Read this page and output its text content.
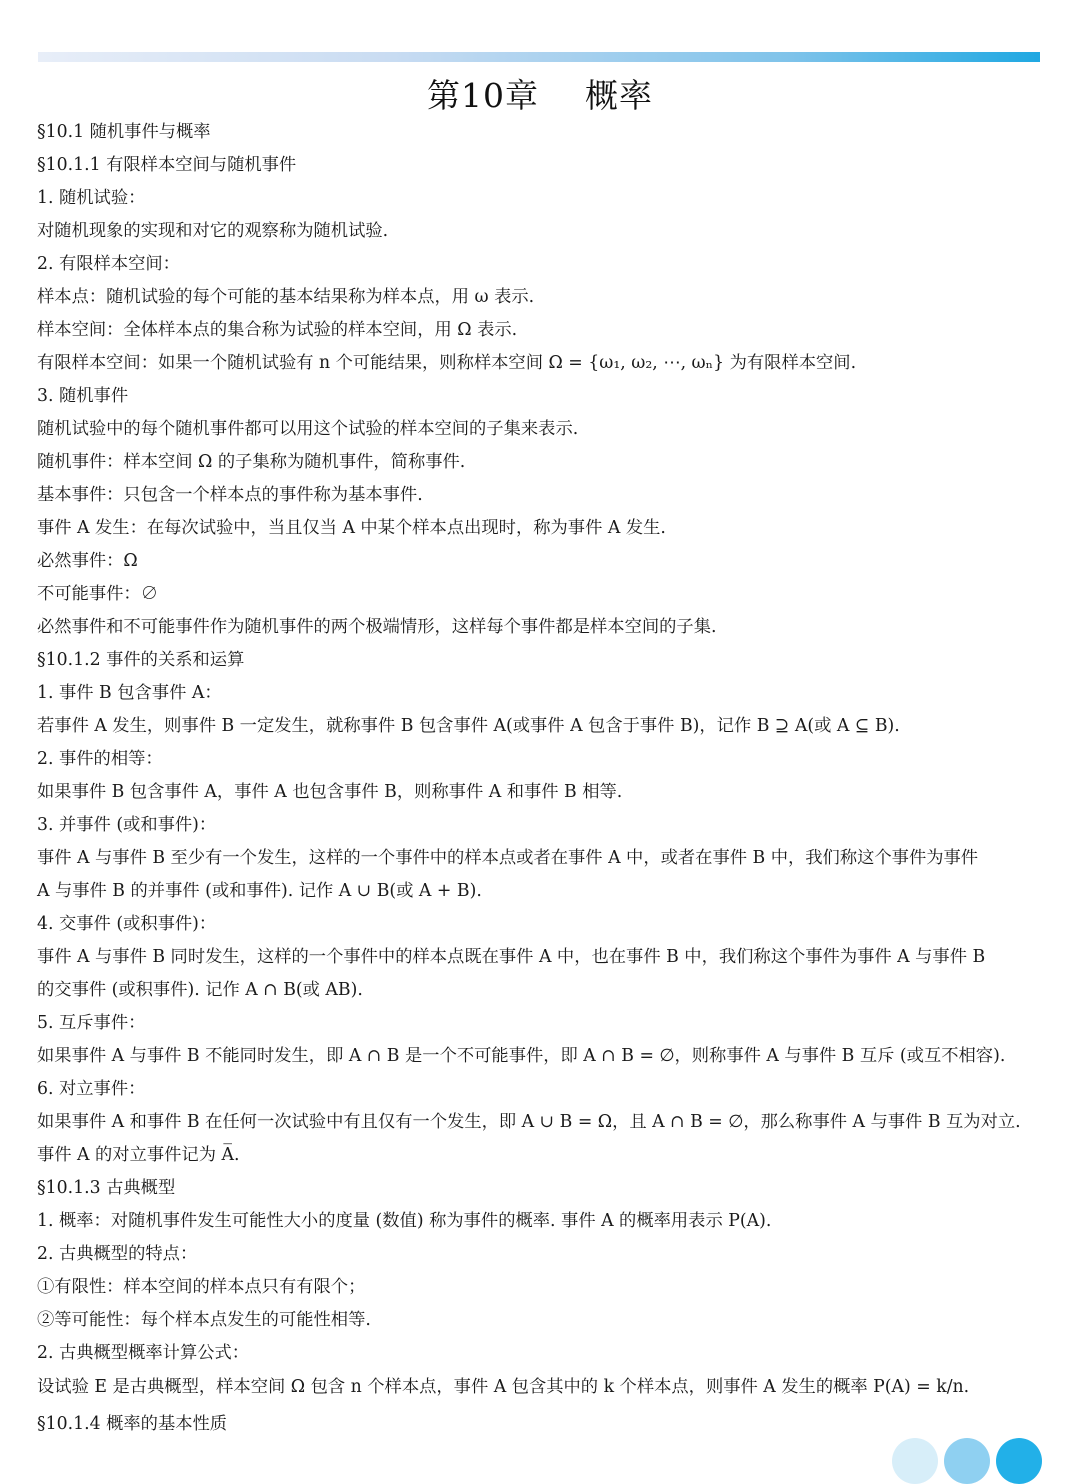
第10章    概率
§10.1 随机事件与概率
§10.1.1 有限样本空间与随机事件
1. 随机试验：
对随机现象的实现和对它的观察称为随机试验.
2. 有限样本空间：
样本点：随机试验的每个可能的基本结果称为样本点，用 ω 表示.
样本空间：全体样本点的集合称为试验的样本空间，用 Ω 表示.
有限样本空间：如果一个随机试验有 n 个可能结果，则称样本空间 Ω = {ω₁, ω₂, ⋯, ωₙ} 为有限样本空间.
3. 随机事件
随机试验中的每个随机事件都可以用这个试验的样本空间的子集来表示.
随机事件：样本空间 Ω 的子集称为随机事件，简称事件.
基本事件：只包含一个样本点的事件称为基本事件.
事件 A 发生：在每次试验中，当且仅当 A 中某个样本点出现时，称为事件 A 发生.
必然事件：Ω
不可能事件：∅
必然事件和不可能事件作为随机事件的两个极端情形，这样每个事件都是样本空间的子集.
§10.1.2 事件的关系和运算
1. 事件 B 包含事件 A：
若事件 A 发生，则事件 B 一定发生，就称事件 B 包含事件 A(或事件 A 包含于事件 B)，记作 B ⊇ A(或 A ⊆ B).
2. 事件的相等：
如果事件 B 包含事件 A，事件 A 也包含事件 B，则称事件 A 和事件 B 相等.
3. 并事件 (或和事件)：
事件 A 与事件 B 至少有一个发生，这样的一个事件中的样本点或者在事件 A 中，或者在事件 B 中，我们称这个事件为事件
A 与事件 B 的并事件 (或和事件). 记作 A ∪ B(或 A + B).
4. 交事件 (或积事件)：
事件 A 与事件 B 同时发生，这样的一个事件中的样本点既在事件 A 中，也在事件 B 中，我们称这个事件为事件 A 与事件 B
的交事件 (或积事件). 记作 A ∩ B(或 AB).
5. 互斥事件：
如果事件 A 与事件 B 不能同时发生，即 A ∩ B 是一个不可能事件，即 A ∩ B = ∅，则称事件 A 与事件 B 互斥 (或互不相容).
6. 对立事件：
如果事件 A 和事件 B 在任何一次试验中有且仅有一个发生，即 A ∪ B = Ω，且 A ∩ B = ∅，那么称事件 A 与事件 B 互为对立.
事件 A 的对立事件记为 A̅.
§10.1.3 古典概型
1. 概率：对随机事件发生可能性大小的度量 (数值) 称为事件的概率. 事件 A 的概率用表示 P(A).
2. 古典概型的特点：
①有限性：样本空间的样本点只有有限个；
②等可能性：每个样本点发生的可能性相等.
2. 古典概型概率计算公式：
设试验 E 是古典概型，样本空间 Ω 包含 n 个样本点，事件 A 包含其中的 k 个样本点，则事件 A 发生的概率 P(A) = k/n.
§10.1.4 概率的基本性质
